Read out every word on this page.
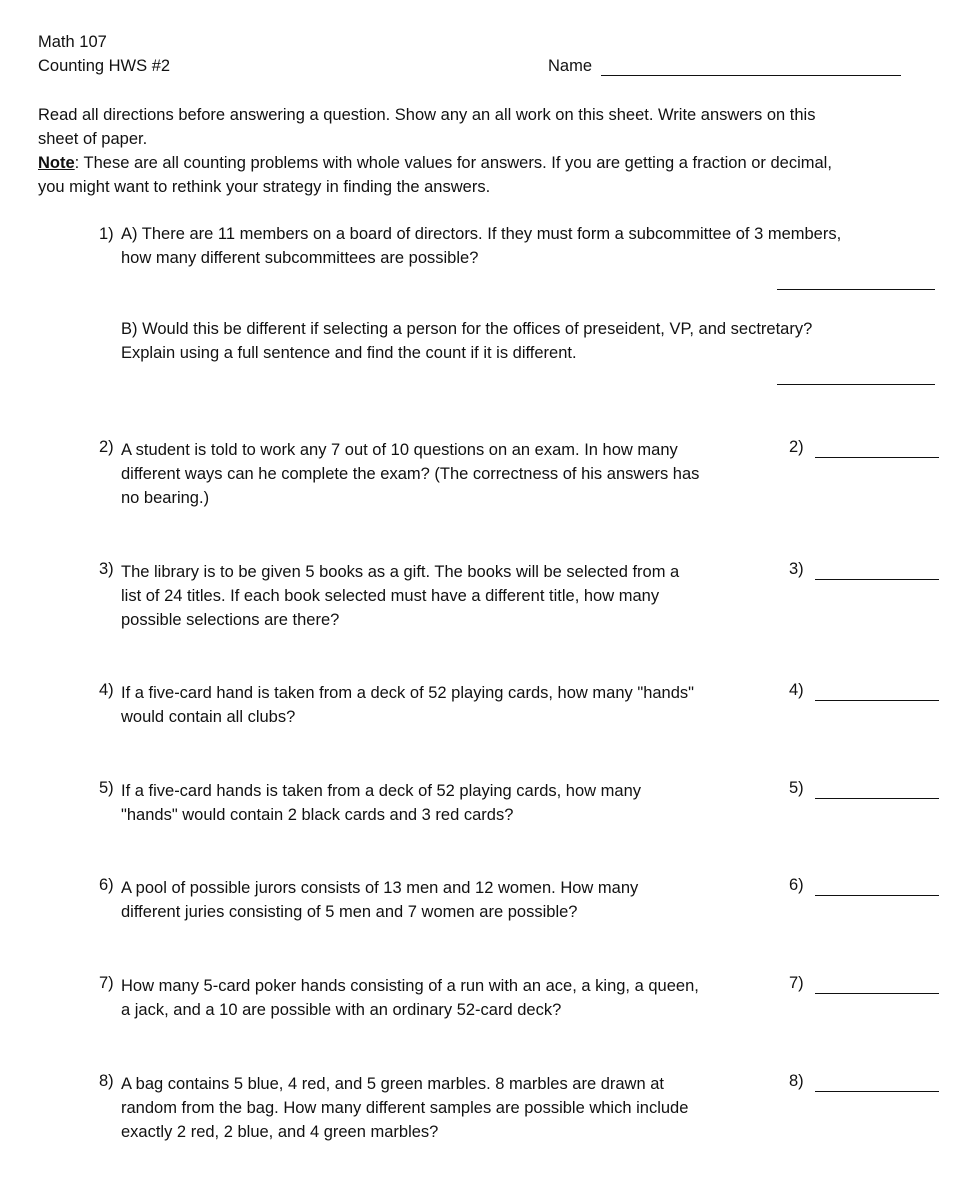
Math 107
Counting HWS #2	Name
Read all directions before answering a question. Show any an all work on this sheet. Write answers on this
sheet of paper.
Note: These are all counting problems with whole values for answers. If you are getting a fraction or decimal,
you might want to rethink your strategy in finding the answers.
1) A) There are 11 members on a board of directors. If they must form a subcommittee of 3 members,
how many different subcommittees are possible?
B) Would this be different if selecting a person for the offices of preseident, VP, and sectretary?
Explain using a full sentence and find the count if it is different.
2) A student is told to work any 7 out of 10 questions on an exam. In how many
different ways can he complete the exam? (The correctness of his answers has
no bearing.)
2)
3) The library is to be given 5 books as a gift. The books will be selected from a
list of 24 titles. If each book selected must have a different title, how many
possible selections are there?
3)
4) If a five-card hand is taken from a deck of 52 playing cards, how many "hands"
would contain all clubs?
4)
5) If a five-card hands is taken from a deck of 52 playing cards, how many
"hands" would contain 2 black cards and 3 red cards?
5)
6) A pool of possible jurors consists of 13 men and 12 women. How many
different juries consisting of 5 men and 7 women are possible?
6)
7) How many 5-card poker hands consisting of a run with an ace, a king, a queen,
a jack, and a 10 are possible with an ordinary 52-card deck?
7)
8) A bag contains 5 blue, 4 red, and 5 green marbles. 8 marbles are drawn at
random from the bag. How many different samples are possible which include
exactly 2 red, 2 blue, and 4 green marbles?
8)
